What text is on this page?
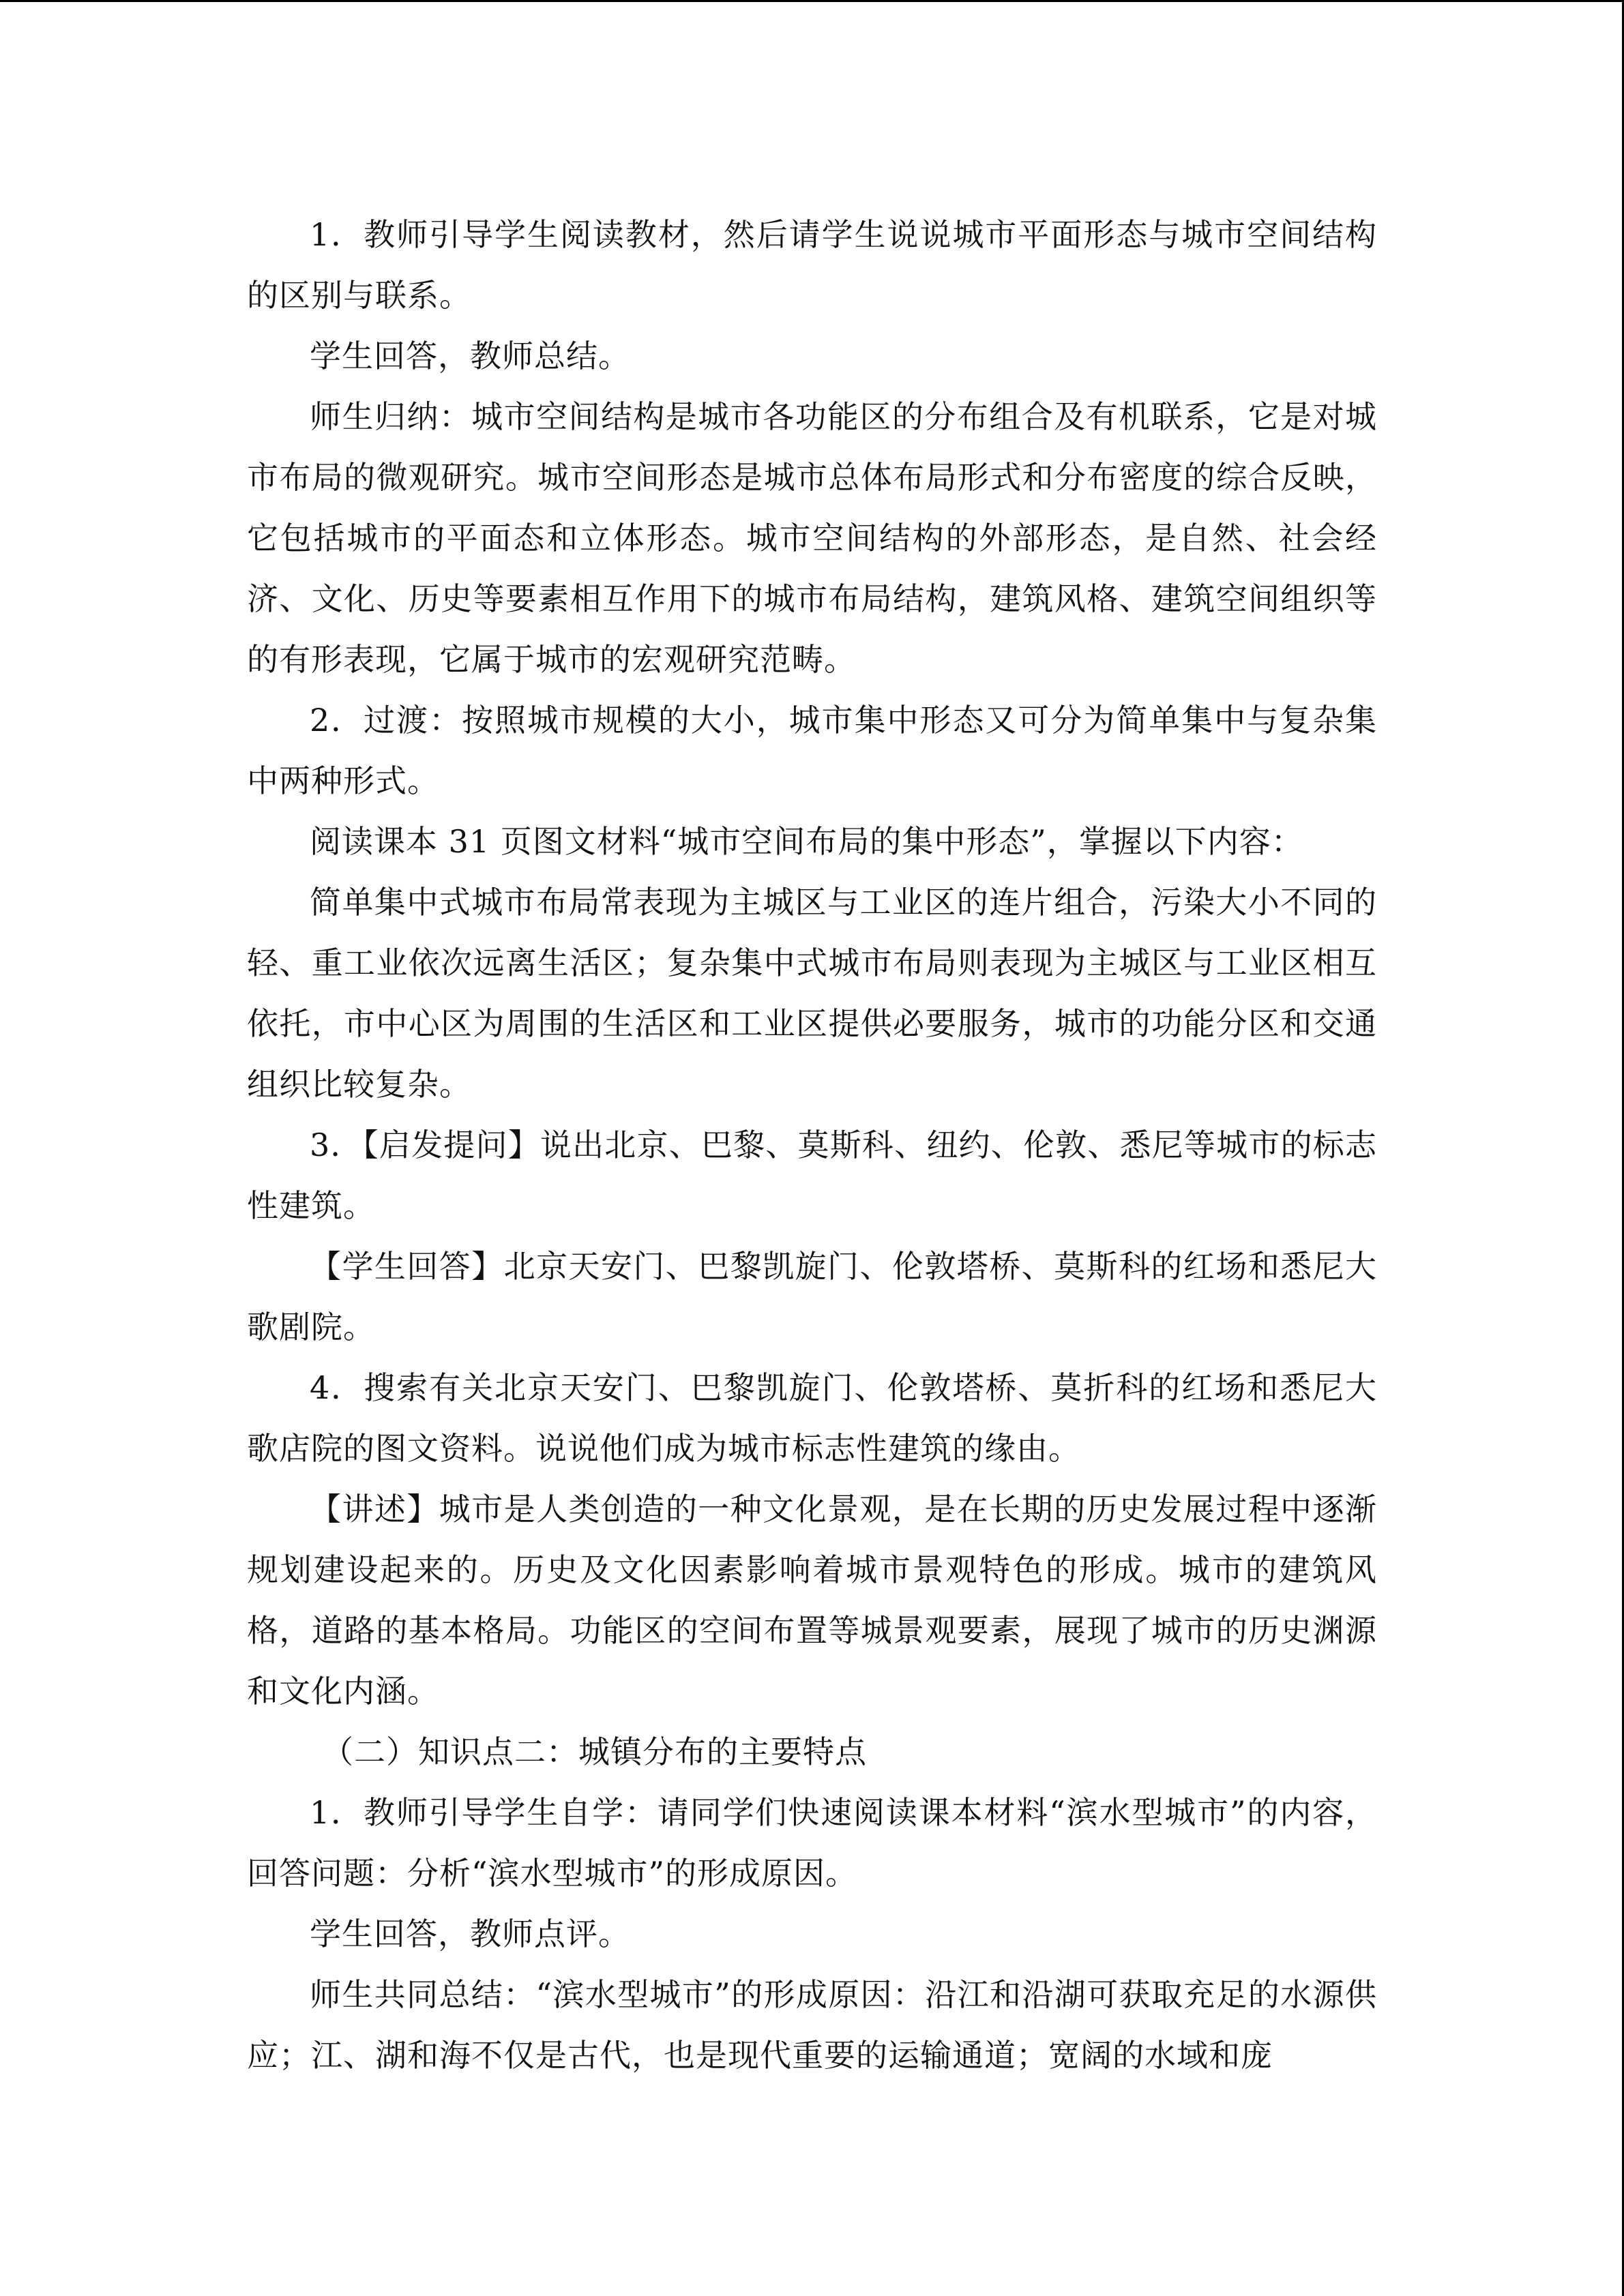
1．教师引导学生阅读教材，然后请学生说说城市平面形态与城市空间结构的区别与联系。

学生回答，教师总结。

师生归纳：城市空间结构是城市各功能区的分布组合及有机联系，它是对城市布局的微观研究。城市空间形态是城市总体布局形式和分布密度的综合反映，它包括城市的平面态和立体形态。城市空间结构的外部形态，是自然、社会经济、文化、历史等要素相互作用下的城市布局结构，建筑风格、建筑空间组织等的有形表现，它属于城市的宏观研究范畴。

2．过渡：按照城市规模的大小，城市集中形态又可分为简单集中与复杂集中两种形式。

阅读课本 31 页图文材料“城市空间布局的集中形态”，掌握以下内容：

简单集中式城市布局常表现为主城区与工业区的连片组合，污染大小不同的轻、重工业依次远离生活区；复杂集中式城市布局则表现为主城区与工业区相互依托，市中心区为周围的生活区和工业区提供必要服务，城市的功能分区和交通组织比较复杂。

3．【启发提问】说出北京、巴黎、莫斯科、纽约、伦敦、悉尼等城市的标志性建筑。

【学生回答】北京天安门、巴黎凯旋门、伦敦塔桥、莫斯科的红场和悉尼大歌剧院。

4．搜索有关北京天安门、巴黎凯旋门、伦敦塔桥、莫折科的红场和悉尼大歌店院的图文资料。说说他们成为城市标志性建筑的缘由。

【讲述】城市是人类创造的一种文化景观，是在长期的历史发展过程中逐渐规划建设起来的。历史及文化因素影响着城市景观特色的形成。城市的建筑风格，道路的基本格局。功能区的空间布置等城景观要素，展现了城市的历史渊源和文化内涵。

（二）知识点二：城镇分布的主要特点

1．教师引导学生自学：请同学们快速阅读课本材料“滨水型城市”的内容，回答问题：分析“滨水型城市”的形成原因。

学生回答，教师点评。

师生共同总结：“滨水型城市”的形成原因：沿江和沿湖可获取充足的水源供应；江、湖和海不仅是古代，也是现代重要的运输通道；宽阔的水域和庞
